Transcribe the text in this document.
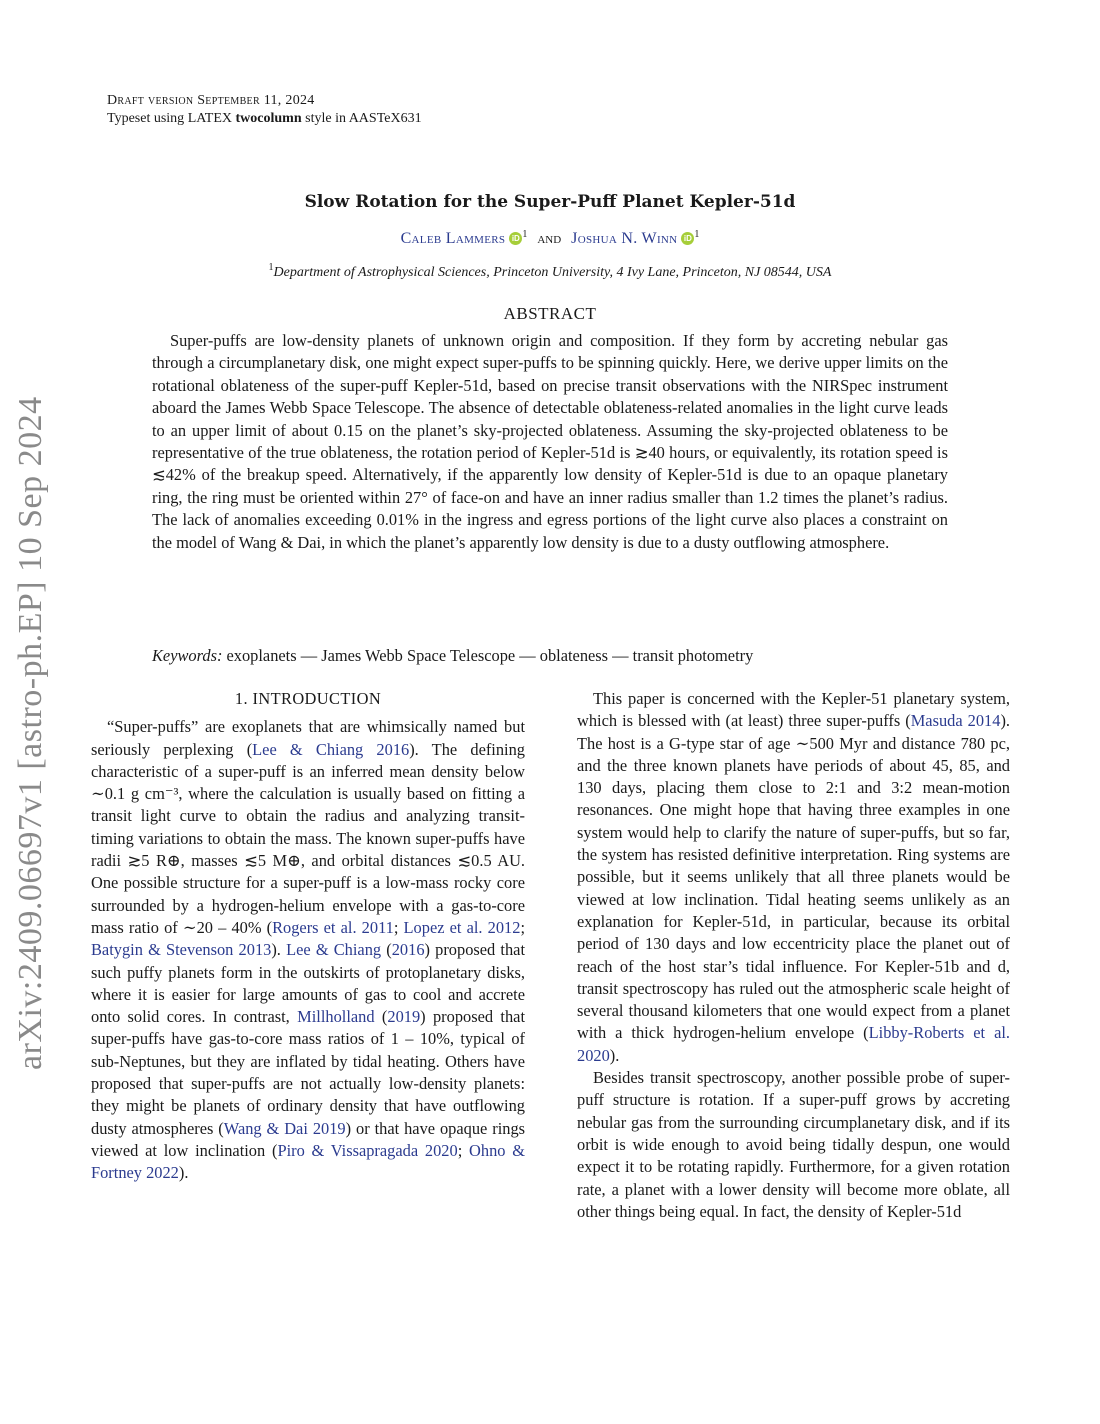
Draft version September 11, 2024
Typeset using LATEX twocolumn style in AASTeX631
arXiv:2409.06697v1 [astro-ph.EP] 10 Sep 2024
Slow Rotation for the Super-Puff Planet Kepler-51d
Caleb Lammers iD $^1$ and Joshua N. Winn iD $^1$
$^1$Department of Astrophysical Sciences, Princeton University, 4 Ivy Lane, Princeton, NJ 08544, USA
ABSTRACT
Super-puffs are low-density planets of unknown origin and composition. If they form by accreting nebular gas through a circumplanetary disk, one might expect super-puffs to be spinning quickly. Here, we derive upper limits on the rotational oblateness of the super-puff Kepler-51d, based on precise transit observations with the NIRSpec instrument aboard the James Webb Space Telescope. The absence of detectable oblateness-related anomalies in the light curve leads to an upper limit of about 0.15 on the planet’s sky-projected oblateness. Assuming the sky-projected oblateness to be representative of the true oblateness, the rotation period of Kepler-51d is ≳40 hours, or equivalently, its rotation speed is ≲42% of the breakup speed. Alternatively, if the apparently low density of Kepler-51d is due to an opaque planetary ring, the ring must be oriented within 27° of face-on and have an inner radius smaller than 1.2 times the planet’s radius. The lack of anomalies exceeding 0.01% in the ingress and egress portions of the light curve also places a constraint on the model of Wang & Dai, in which the planet’s apparently low density is due to a dusty outflowing atmosphere.
Keywords: exoplanets — James Webb Space Telescope — oblateness — transit photometry
1. INTRODUCTION

“Super-puffs” are exoplanets that are whimsically named but seriously perplexing (Lee & Chiang 2016). The defining characteristic of a super-puff is an inferred mean density below ∼0.1 g cm⁻³, where the calculation is usually based on fitting a transit light curve to obtain the radius and analyzing transit-timing variations to obtain the mass. The known super-puffs have radii ≳5 R⊕, masses ≲5 M⊕, and orbital distances ≲0.5 AU. One possible structure for a super-puff is a low-mass rocky core surrounded by a hydrogen-helium envelope with a gas-to-core mass ratio of ∼20 – 40% (Rogers et al. 2011; Lopez et al. 2012; Batygin & Stevenson 2013). Lee & Chiang (2016) proposed that such puffy planets form in the outskirts of protoplanetary disks, where it is easier for large amounts of gas to cool and accrete onto solid cores. In contrast, Millholland (2019) proposed that super-puffs have gas-to-core mass ratios of 1 – 10%, typical of sub-Neptunes, but they are inflated by tidal heating. Others have proposed that super-puffs are not actually low-density planets: they might be planets of ordinary density that have outflowing dusty atmospheres (Wang & Dai 2019) or that have opaque rings viewed at low inclination (Piro & Vissapragada 2020; Ohno & Fortney 2022).

This paper is concerned with the Kepler-51 planetary system, which is blessed with (at least) three super-puffs (Masuda 2014). The host is a G-type star of age ∼500 Myr and distance 780 pc, and the three known planets have periods of about 45, 85, and 130 days, placing them close to 2:1 and 3:2 mean-motion resonances. One might hope that having three examples in one system would help to clarify the nature of super-puffs, but so far, the system has resisted definitive interpretation. Ring systems are possible, but it seems unlikely that all three planets would be viewed at low inclination. Tidal heating seems unlikely as an explanation for Kepler-51d, in particular, because its orbital period of 130 days and low eccentricity place the planet out of reach of the host star’s tidal influence. For Kepler-51b and d, transit spectroscopy has ruled out the atmospheric scale height of several thousand kilometers that one would expect from a planet with a thick hydrogen-helium envelope (Libby-Roberts et al. 2020).

Besides transit spectroscopy, another possible probe of super-puff structure is rotation. If a super-puff grows by accreting nebular gas from the surrounding circumplanetary disk, and if its orbit is wide enough to avoid being tidally despun, one would expect it to be rotating rapidly. Furthermore, for a given rotation rate, a planet with a lower density will become more oblate, all other things being equal. In fact, the density of Kepler-51d
